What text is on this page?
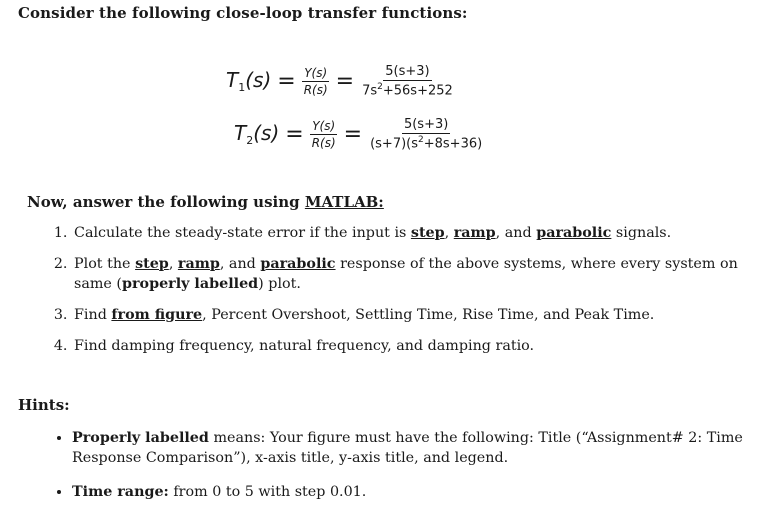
Consider the following close-loop transfer functions:
$T_1(s) = \frac{Y(s)}{R(s)} = \frac{5(s+3)}{7s^2+56s+252}$
$T_2(s) = \frac{Y(s)}{R(s)} = \frac{5(s+3)}{(s+7)(s^2+8s+36)}$
Now, answer the following using MATLAB:
1. Calculate the steady-state error if the input is step, ramp, and parabolic signals.
2. Plot the step, ramp, and parabolic response of the above systems, where every system on same (properly labelled) plot.
3. Find from figure, Percent Overshoot, Settling Time, Rise Time, and Peak Time.
4. Find damping frequency, natural frequency, and damping ratio.
Hints:
• Properly labelled means: Your figure must have the following: Title (“Assignment# 2: Time Response Comparison”), x-axis title, y-axis title, and legend.
• Time range: from 0 to 5 with step 0.01.
